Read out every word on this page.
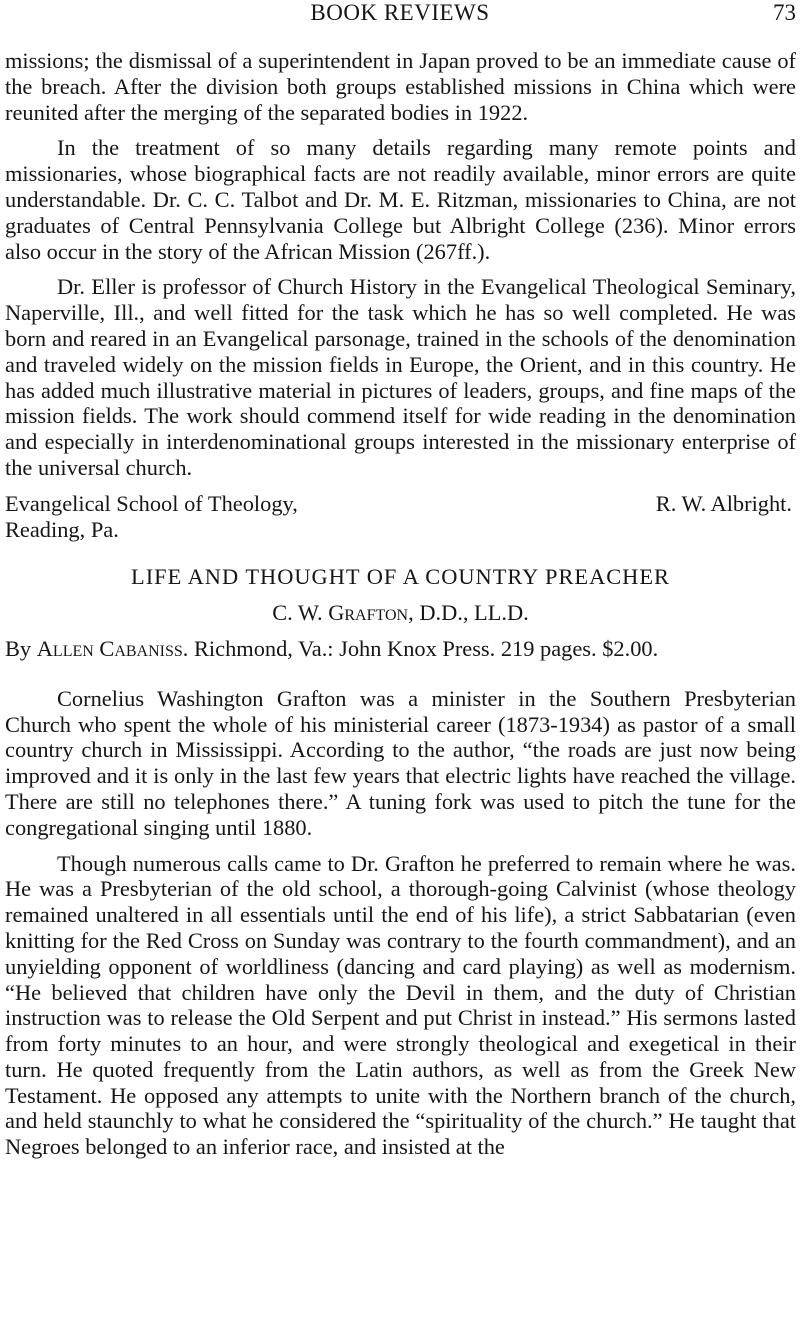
BOOK REVIEWS	73

missions; the dismissal of a superintendent in Japan proved to be an immediate cause of the breach. After the division both groups established missions in China which were reunited after the merging of the separated bodies in 1922.

In the treatment of so many details regarding many remote points and missionaries, whose biographical facts are not readily available, minor errors are quite understandable. Dr. C. C. Talbot and Dr. M. E. Ritzman, missionaries to China, are not graduates of Central Pennsylvania College but Albright College (236). Minor errors also occur in the story of the African Mission (267ff.).

Dr. Eller is professor of Church History in the Evangelical Theological Seminary, Naperville, Ill., and well fitted for the task which he has so well completed. He was born and reared in an Evangelical parsonage, trained in the schools of the denomination and traveled widely on the mission fields in Europe, the Orient, and in this country. He has added much illustrative material in pictures of leaders, groups, and fine maps of the mission fields. The work should commend itself for wide reading in the denomination and especially in interdenominational groups interested in the missionary enterprise of the universal church.

Evangelical School of Theology,
Reading, Pa.
R. W. Albright.
LIFE AND THOUGHT OF A COUNTRY PREACHER
C. W. Grafton, D.D., LL.D.
By Allen Cabaniss. Richmond, Va.: John Knox Press. 219 pages. $2.00.

Cornelius Washington Grafton was a minister in the Southern Presbyterian Church who spent the whole of his ministerial career (1873-1934) as pastor of a small country church in Mississippi. According to the author, “the roads are just now being improved and it is only in the last few years that electric lights have reached the village. There are still no telephones there.” A tuning fork was used to pitch the tune for the congregational singing until 1880.

Though numerous calls came to Dr. Grafton he preferred to remain where he was. He was a Presbyterian of the old school, a thorough-going Calvinist (whose theology remained unaltered in all essentials until the end of his life), a strict Sabbatarian (even knitting for the Red Cross on Sunday was contrary to the fourth commandment), and an unyielding opponent of worldliness (dancing and card playing) as well as modernism. “He believed that children have only the Devil in them, and the duty of Christian instruction was to release the Old Serpent and put Christ in instead.” His sermons lasted from forty minutes to an hour, and were strongly theological and exegetical in their turn. He quoted frequently from the Latin authors, as well as from the Greek New Testament. He opposed any attempts to unite with the Northern branch of the church, and held staunchly to what he considered the “spirituality of the church.” He taught that Negroes belonged to an inferior race, and insisted at the
